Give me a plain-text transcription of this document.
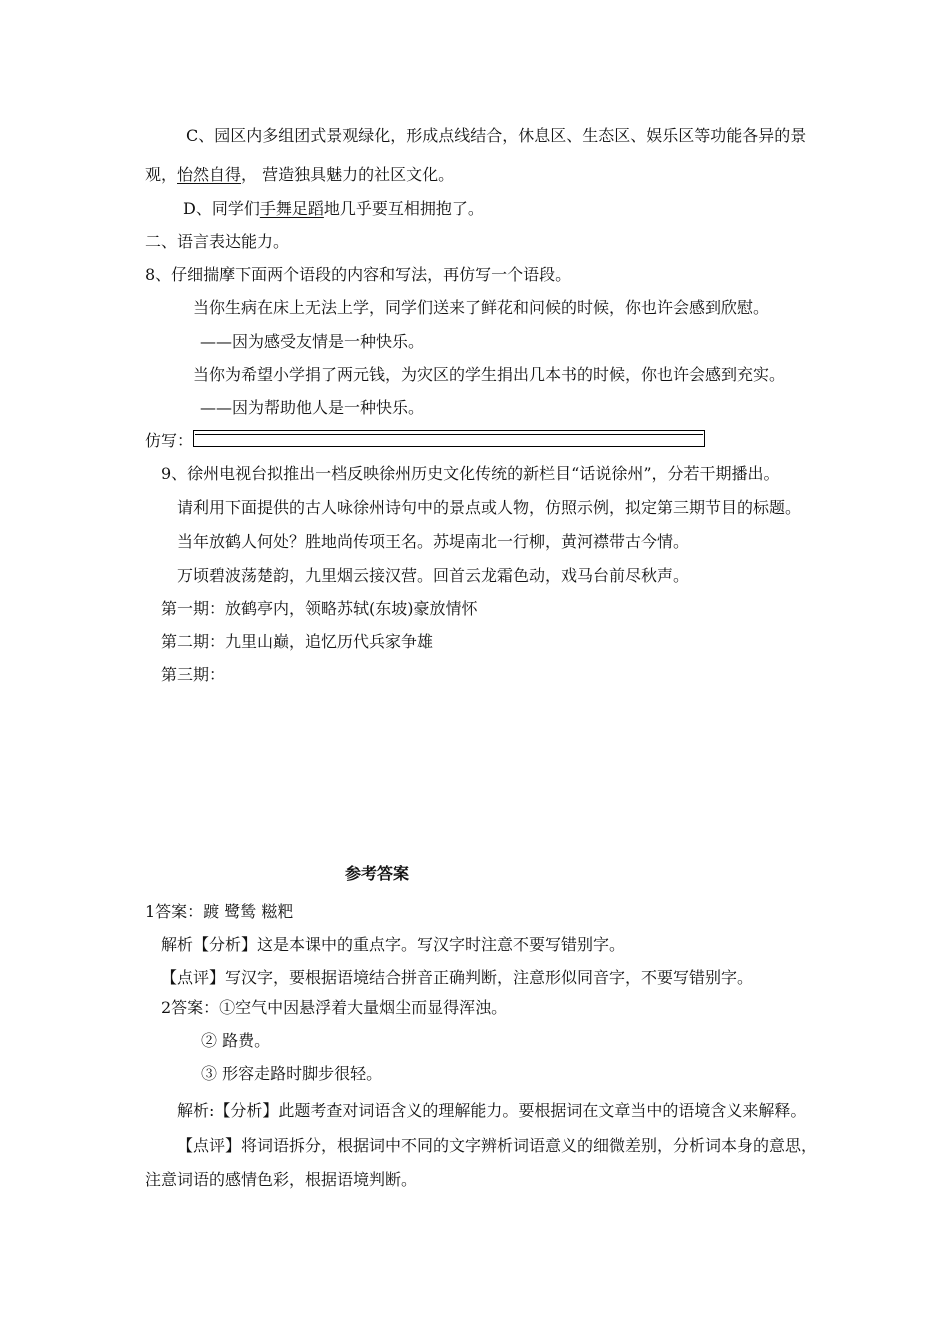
C、园区内多组团式景观绿化，形成点线结合，休息区、生态区、娱乐区等功能各异的景
观，怡然自得， 营造独具魅力的社区文化。
D、同学们手舞足蹈地几乎要互相拥抱了。
二、语言表达能力。
8、仔细揣摩下面两个语段的内容和写法，再仿写一个语段。
当你生病在床上无法上学，同学们送来了鲜花和问候的时候，你也许会感到欣慰。
——因为感受友情是一种快乐。
当你为希望小学捐了两元钱，为灾区的学生捐出几本书的时候，你也许会感到充实。
——因为帮助他人是一种快乐。
仿写：
9、徐州电视台拟推出一档反映徐州历史文化传统的新栏目“话说徐州”，分若干期播出。
请利用下面提供的古人咏徐州诗句中的景点或人物，仿照示例，拟定第三期节目的标题。
当年放鹤人何处？胜地尚传项王名。苏堤南北一行柳，黄河襟带古今情。
万顷碧波荡楚韵，九里烟云接汉营。回首云龙霜色动，戏马台前尽秋声。
第一期：放鹤亭内，领略苏轼(东坡)豪放情怀
第二期：九里山巅，追忆历代兵家争雄
第三期：
参考答案
1答案：踱 鹭鸶 糍粑
解析【分析】这是本课中的重点字。写汉字时注意不要写错别字。
【点评】写汉字，要根据语境结合拼音正确判断，注意形似同音字，不要写错别字。
2答案：①空气中因悬浮着大量烟尘而显得浑浊。
② 路费。
③ 形容走路时脚步很轻。
解析:【分析】此题考查对词语含义的理解能力。要根据词在文章当中的语境含义来解释。
【点评】将词语拆分，根据词中不同的文字辨析词语意义的细微差别，分析词本身的意思，
注意词语的感情色彩，根据语境判断。
